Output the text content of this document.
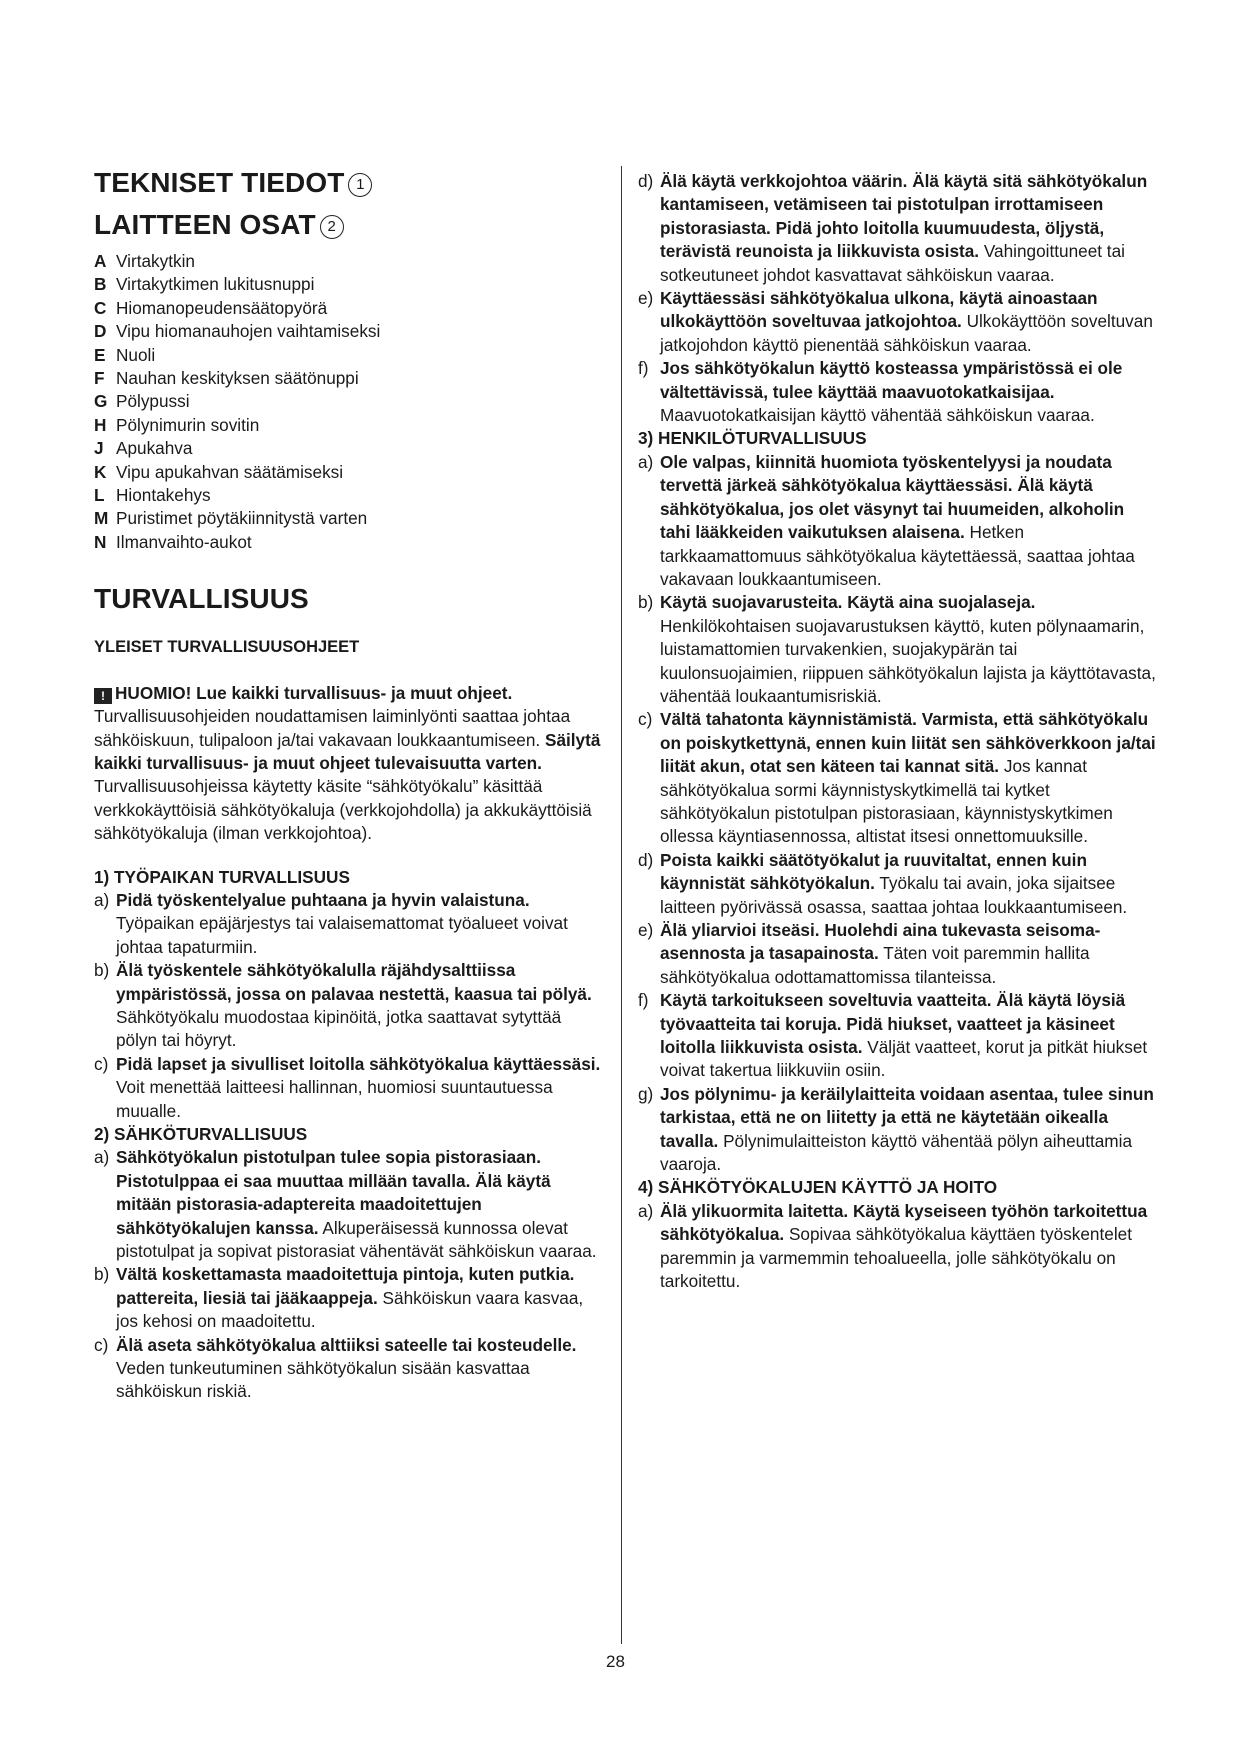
TEKNISET TIEDOT 1
LAITTEEN OSAT 2
A Virtakytkin
B Virtakytkimen lukitusnuppi
C Hiomanopeudensäätopyörä
D Vipu hiomanauhojen vaihtamiseksi
E Nuoli
F Nauhan keskityksen säätönuppi
G Pölypussi
H Pölynimurin sovitin
J Apukahva
K Vipu apukahvan säätämiseksi
L Hiontakehys
M Puristimet pöytäkiinnitystä varten
N Ilmanvaihto-aukot
TURVALLISUUS
YLEISET TURVALLISUUSOHJEET

! HUOMIO! Lue kaikki turvallisuus- ja muut ohjeet. Turvallisuusohjeiden noudattamisen laiminlyönti saattaa johtaa sähköiskuun, tulipaloon ja/tai vakavaan loukkaantumiseen. Säilytä kaikki turvallisuus- ja muut ohjeet tulevaisuutta varten. Turvallisuusohjeissa käytetty käsite “sähkötyökalu” käsittää verkkokäyttöisiä sähkötyökaluja (verkkojohdolla) ja akkukäyttöisiä sähkötyökaluja (ilman verkkojohtoa).

1) TYÖPAIKAN TURVALLISUUS
a) Pidä työskentelyalue puhtaana ja hyvin valaistuna. Työpaikan epäjärjestys tai valaisemattomat työalueet voivat johtaa tapaturmiin.
b) Älä työskentele sähkötyökalulla räjähdysalttiissa ympäristössä, jossa on palavaa nestettä, kaasua tai pölyä. Sähkötyökalu muodostaa kipinöitä, jotka saattavat sytyttää pölyn tai höyryt.
c) Pidä lapset ja sivulliset loitolla sähkötyökalua käyttäessäsi. Voit menettää laitteesi hallinnan, huomiosi suuntautuessa muualle.
2) SÄHKÖTURVALLISUUS
a) Sähkötyökalun pistotulpan tulee sopia pistorasiaan. Pistotulppaa ei saa muuttaa millään tavalla. Älä käytä mitään pistorasia-adaptereita maadoitettujen sähkötyökalujen kanssa. Alkuperäisessä kunnossa olevat pistotulpat ja sopivat pistorasiat vähentävät sähköiskun vaaraa.
b) Vältä koskettamasta maadoitettuja pintoja, kuten putkia. pattereita, liesiä tai jääkaappeja. Sähköiskun vaara kasvaa, jos kehosi on maadoitettu.
c) Älä aseta sähkötyökalua alttiiksi sateelle tai kosteudelle. Veden tunkeutuminen sähkötyökalun sisään kasvattaa sähköiskun riskiä.
d) Älä käytä verkkojohtoa väärin. Älä käytä sitä sähkötyökalun kantamiseen, vetämiseen tai pistotulpan irrottamiseen pistorasiasta. Pidä johto loitolla kuumuudesta, öljystä, terävistä reunoista ja liikkuvista osista. Vahingoittuneet tai sotkeutuneet johdot kasvattavat sähköiskun vaaraa.
e) Käyttäessäsi sähkötyökalua ulkona, käytä ainoastaan ulkokäyttöön soveltuvaa jatkojohtoa. Ulkokäyttöön soveltuvan jatkojohdon käyttö pienentää sähköiskun vaaraa.
f) Jos sähkötyökalun käyttö kosteassa ympäristössä ei ole vältettävissä, tulee käyttää maavuotokatkaisijaa. Maavuotokatkaisijan käyttö vähentää sähköiskun vaaraa.
3) HENKILÖTURVALLISUUS
a) Ole valpas, kiinnitä huomiota työskentelyysi ja noudata tervettä järkeä sähkötyökalua käyttäessäsi. Älä käytä sähkötyökalua, jos olet väsynyt tai huumeiden, alkoholin tahi lääkkeiden vaikutuksen alaisena. Hetken tarkkaamattomuus sähkötyökalua käytettäessä, saattaa johtaa vakavaan loukkaantumiseen.
b) Käytä suojavarusteita. Käytä aina suojalaseja. Henkilökohtaisen suojavarustuksen käyttö, kuten pölynaamarin, luistamattomien turvakenkien, suojakypärän tai kuulonsuojaimien, riippuen sähkötyökalun lajista ja käyttötavasta, vähentää loukaantumisriskiä.
c) Vältä tahatonta käynnistämistä. Varmista, että sähkötyökalu on poiskytkettynä, ennen kuin liität sen sähköverkkoon ja/tai liität akun, otat sen käteen tai kannat sitä. Jos kannat sähkötyökalua sormi käynnistyskytkimellä tai kytket sähkötyökalun pistotulpan pistorasiaan, käynnistyskytkimen ollessa käyntiasennossa, altistat itsesi onnettomuuksille.
d) Poista kaikki säätötyökalut ja ruuvitaltat, ennen kuin käynnistät sähkötyökalun. Työkalu tai avain, joka sijaitsee laitteen pyörivässä osassa, saattaa johtaa loukkaantumiseen.
e) Älä yliarvioi itseäsi. Huolehdi aina tukevasta seisoma-asennosta ja tasapainosta. Täten voit paremmin hallita sähkötyökalua odottamattomissa tilanteissa.
f) Käytä tarkoitukseen soveltuvia vaatteita. Älä käytä löysiä työvaatteita tai koruja. Pidä hiukset, vaatteet ja käsineet loitolla liikkuvista osista. Väljät vaatteet, korut ja pitkät hiukset voivat takertua liikkuviin osiin.
g) Jos pölynimu- ja keräilylaitteita voidaan asentaa, tulee sinun tarkistaa, että ne on liitetty ja että ne käytetään oikealla tavalla. Pölynimulaitteiston käyttö vähentää pölyn aiheuttamia vaaroja.
4) SÄHKÖTYÖKALUJEN KÄYTTÖ JA HOITO
a) Älä ylikuormita laitetta. Käytä kyseiseen työhön tarkoitettua sähkötyökalua. Sopivaa sähkötyökalua käyttäen työskentelet paremmin ja varmemmin tehoalueella, jolle sähkötyökalu on tarkoitettu.
28
